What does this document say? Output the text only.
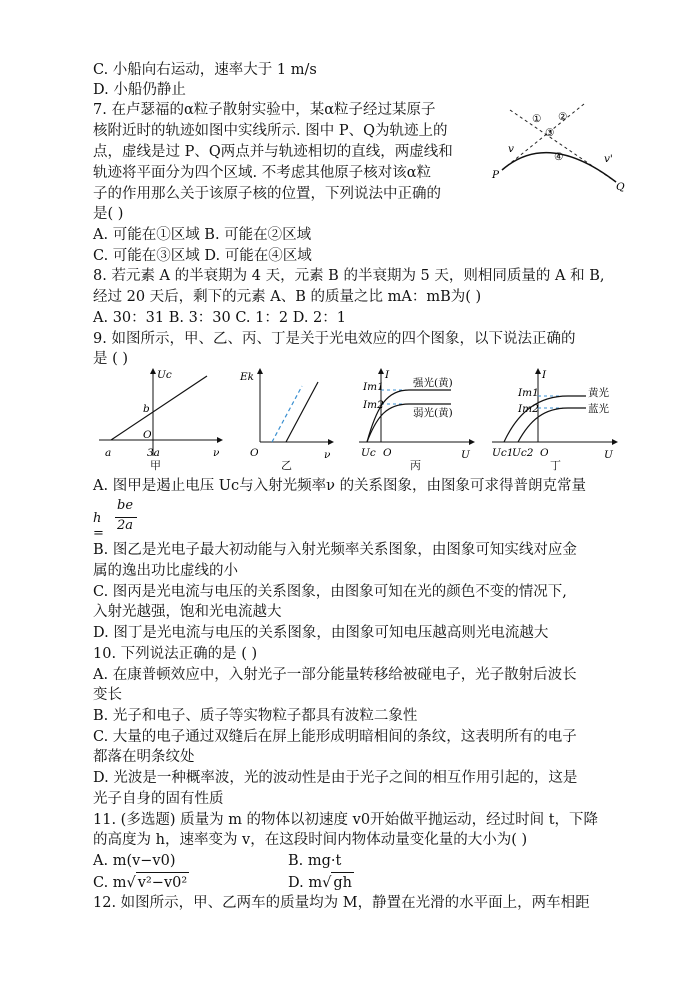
C. 小船向右运动，速率大于 1 m/s
D. 小船仍静止
7. 在卢瑟福的α粒子散射实验中，某α粒子经过某原子
核附近时的轨迹如图中实线所示. 图中 P、Q为轨迹上的
点，虚线是过 P、Q两点并与轨迹相切的直线，两虚线和
轨迹将平面分为四个区域. 不考虑其他原子核对该α粒
子的作用那么关于该原子核的位置，下列说法中正确的
是( )
A. 可能在①区域 B. 可能在②区域
C. 可能在③区域 D. 可能在④区域
8. 若元素 A 的半衰期为 4 天，元素 B 的半衰期为 5 天，则相同质量的 A 和 B,
经过 20 天后，剩下的元素 A、B 的质量之比 mA：mB为( )
A. 30：31 B. 3：30 C. 1：2 D. 2：1
9. 如图所示，甲、乙、丙、丁是关于光电效应的四个图象，以下说法正确的
是 ( )
① ②
③
④
P
Q
v
v'
Uc
ν
b
O
a	3a
甲
Ek
ν
O
乙
Im1
Im2
强光(黄)
弱光(黄)
I
U
Uc O
丙
Im1
Im2
黄光
蓝光
I
U
Uc1
Uc2 O
丁
A. 图甲是遏止电压 Uc与入射光频率ν 的关系图象，由图象可求得普朗克常量
h =
be
2a
B. 图乙是光电子最大初动能与入射光频率关系图象，由图象可知实线对应金
属的逸出功比虚线的小
C. 图丙是光电流与电压的关系图象，由图象可知在光的颜色不变的情况下,
入射光越强，饱和光电流越大
D. 图丁是光电流与电压的关系图象，由图象可知电压越高则光电流越大
10. 下列说法正确的是 ( )
A. 在康普顿效应中，入射光子一部分能量转移给被碰电子，光子散射后波长
变长
B. 光子和电子、质子等实物粒子都具有波粒二象性
C. 大量的电子通过双缝后在屏上能形成明暗相间的条纹，这表明所有的电子
都落在明条纹处
D. 光波是一种概率波，光的波动性是由于光子之间的相互作用引起的，这是
光子自身的固有性质
11. (多选题) 质量为 m 的物体以初速度 v0开始做平抛运动，经过时间 t，下降
的高度为 h，速率变为 v，在这段时间内物体动量变化量的大小为( )
A. m(v−v0)	B. mg·t
C. m√ v²−v0²	D. m√ gh
12. 如图所示，甲、乙两车的质量均为 M，静置在光滑的水平面上，两车相距
